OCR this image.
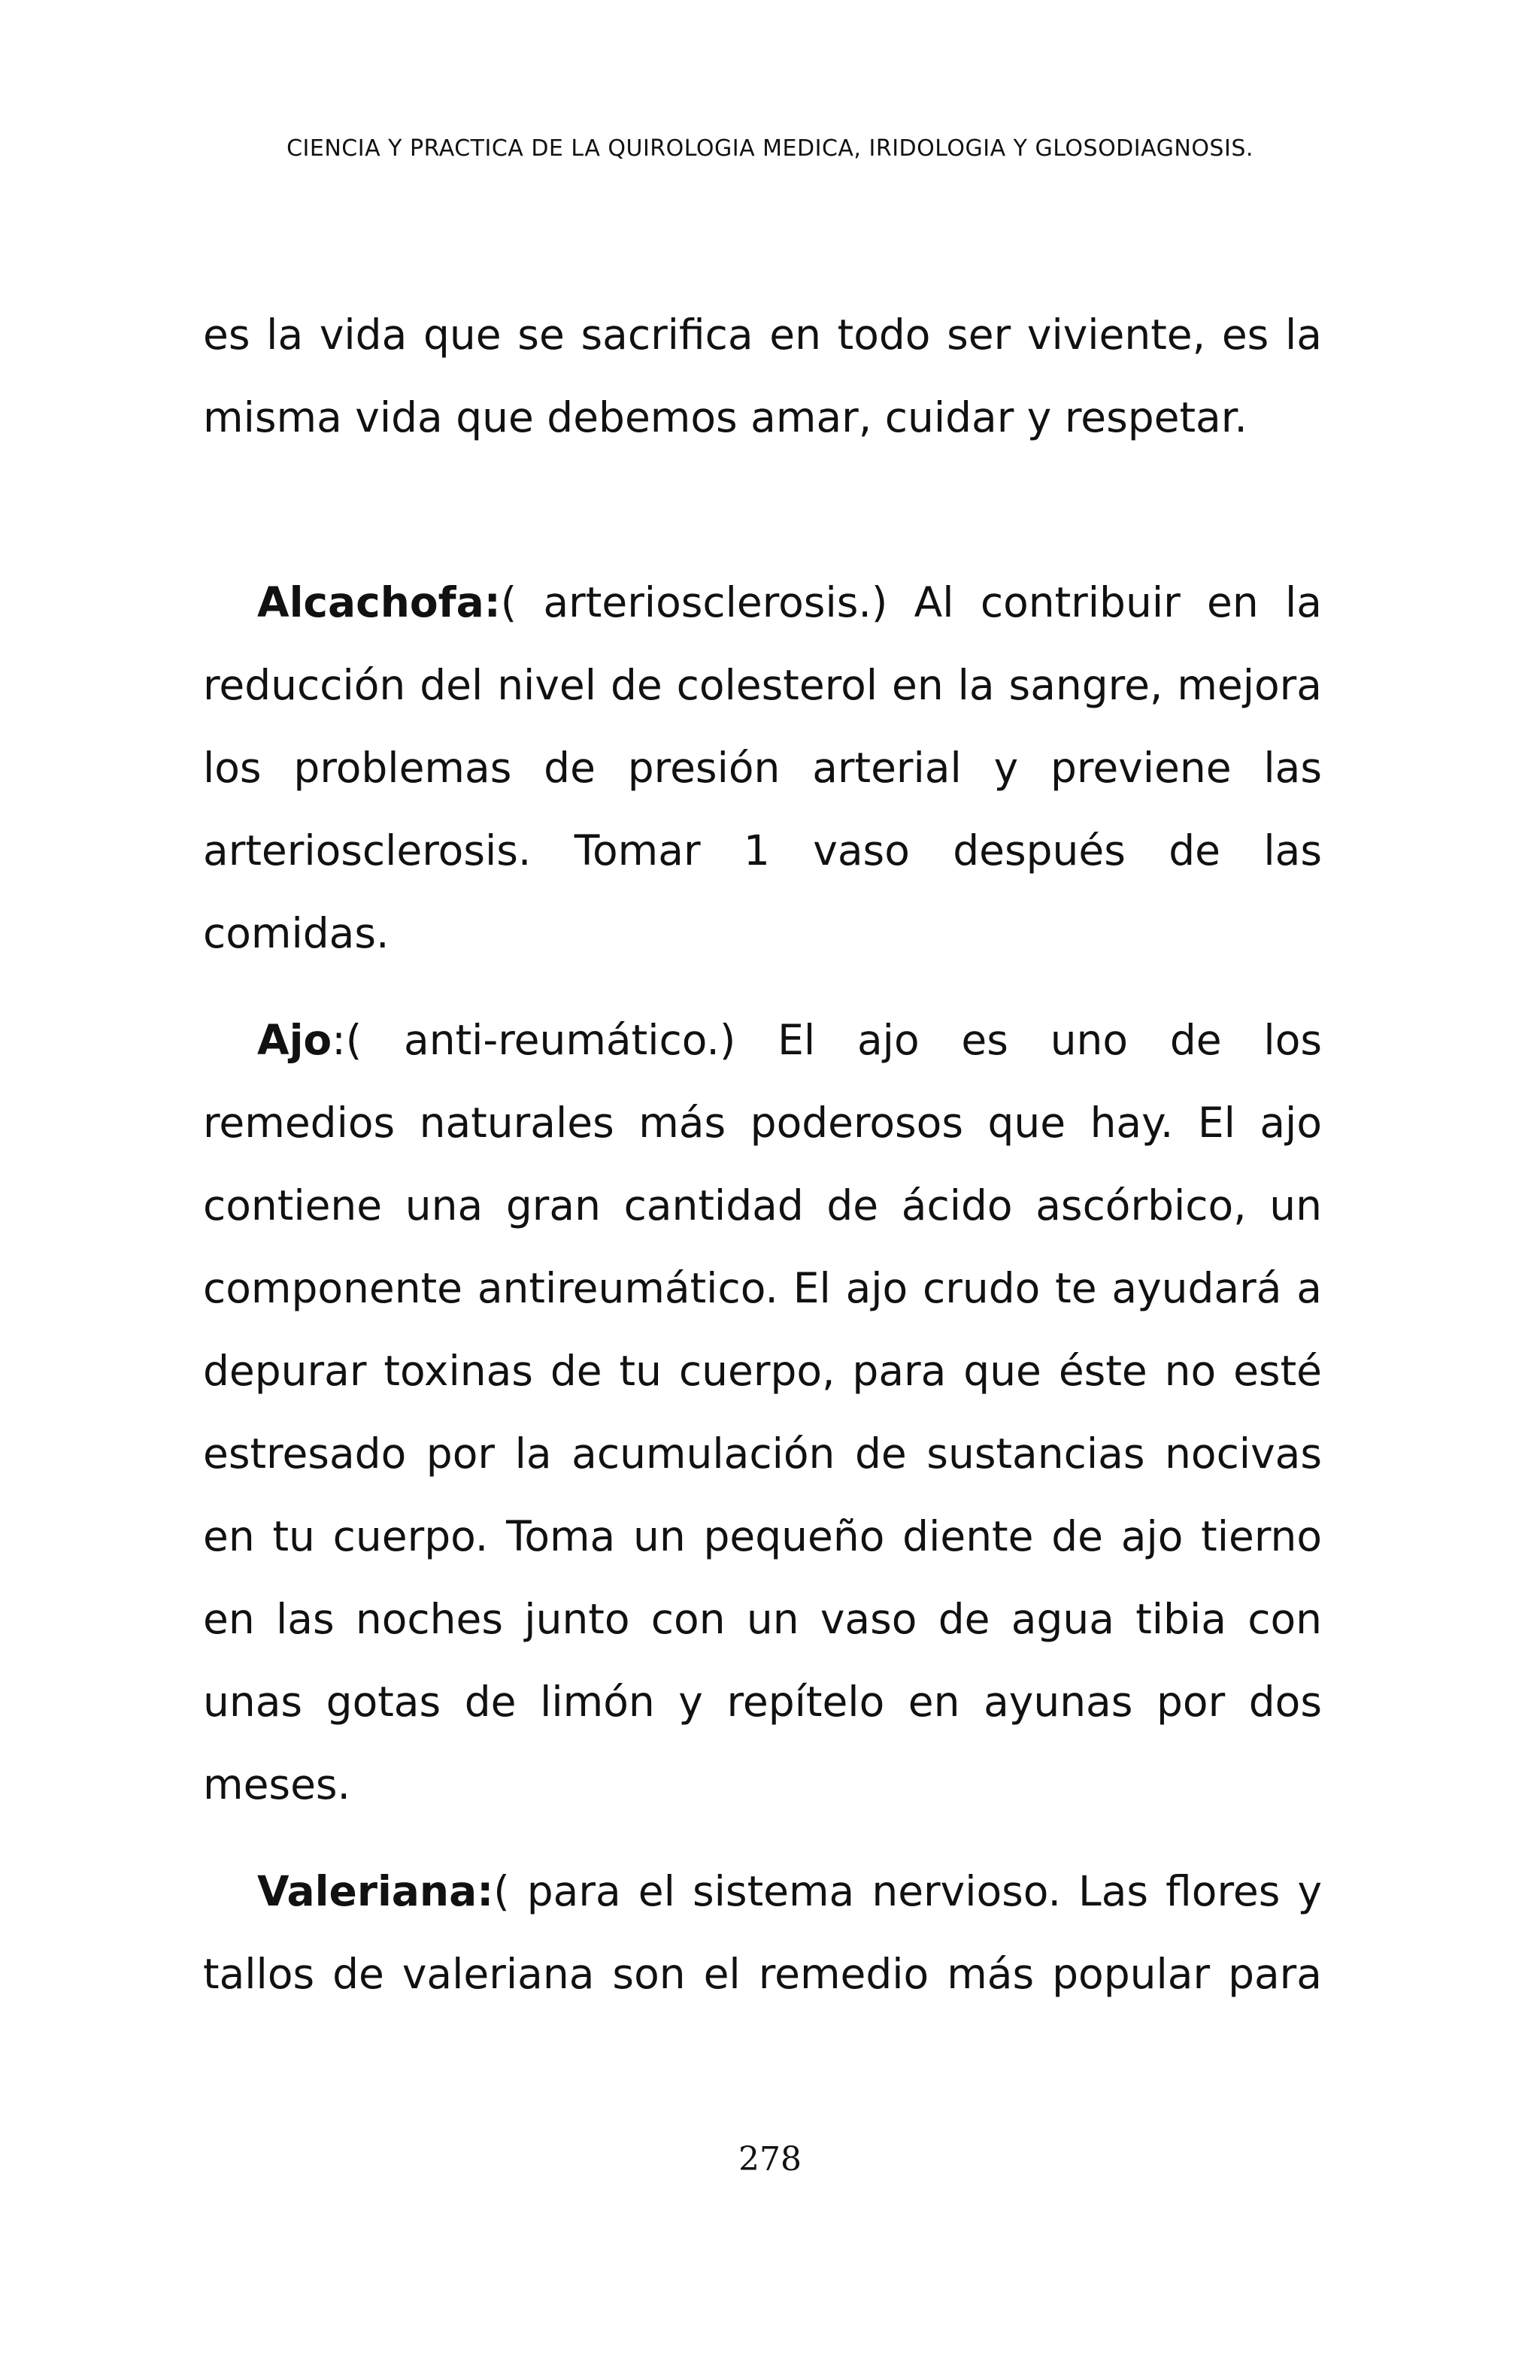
CIENCIA Y PRACTICA DE LA QUIROLOGIA MEDICA, IRIDOLOGIA Y GLOSODIAGNOSIS.
es la vida que se sacrifica en todo ser viviente, es la
misma vida que debemos amar, cuidar y respetar.
Alcachofa:( arteriosclerosis.) Al contribuir en la
reducción del nivel de colesterol en la sangre, mejora
los problemas de presión arterial y previene las
arteriosclerosis. Tomar 1 vaso después de las
comidas.
Ajo:( anti-reumático.) El ajo es uno de los
remedios naturales más poderosos que hay. El ajo
contiene una gran cantidad de ácido ascórbico, un
componente antireumático. El ajo crudo te ayudará a
depurar toxinas de tu cuerpo, para que éste no esté
estresado por la acumulación de sustancias nocivas
en tu cuerpo. Toma un pequeño diente de ajo tierno
en las noches junto con un vaso de agua tibia con
unas gotas de limón y repítelo en ayunas por dos
meses.
Valeriana:( para el sistema nervioso. Las flores y
tallos de valeriana son el remedio más popular para
278
